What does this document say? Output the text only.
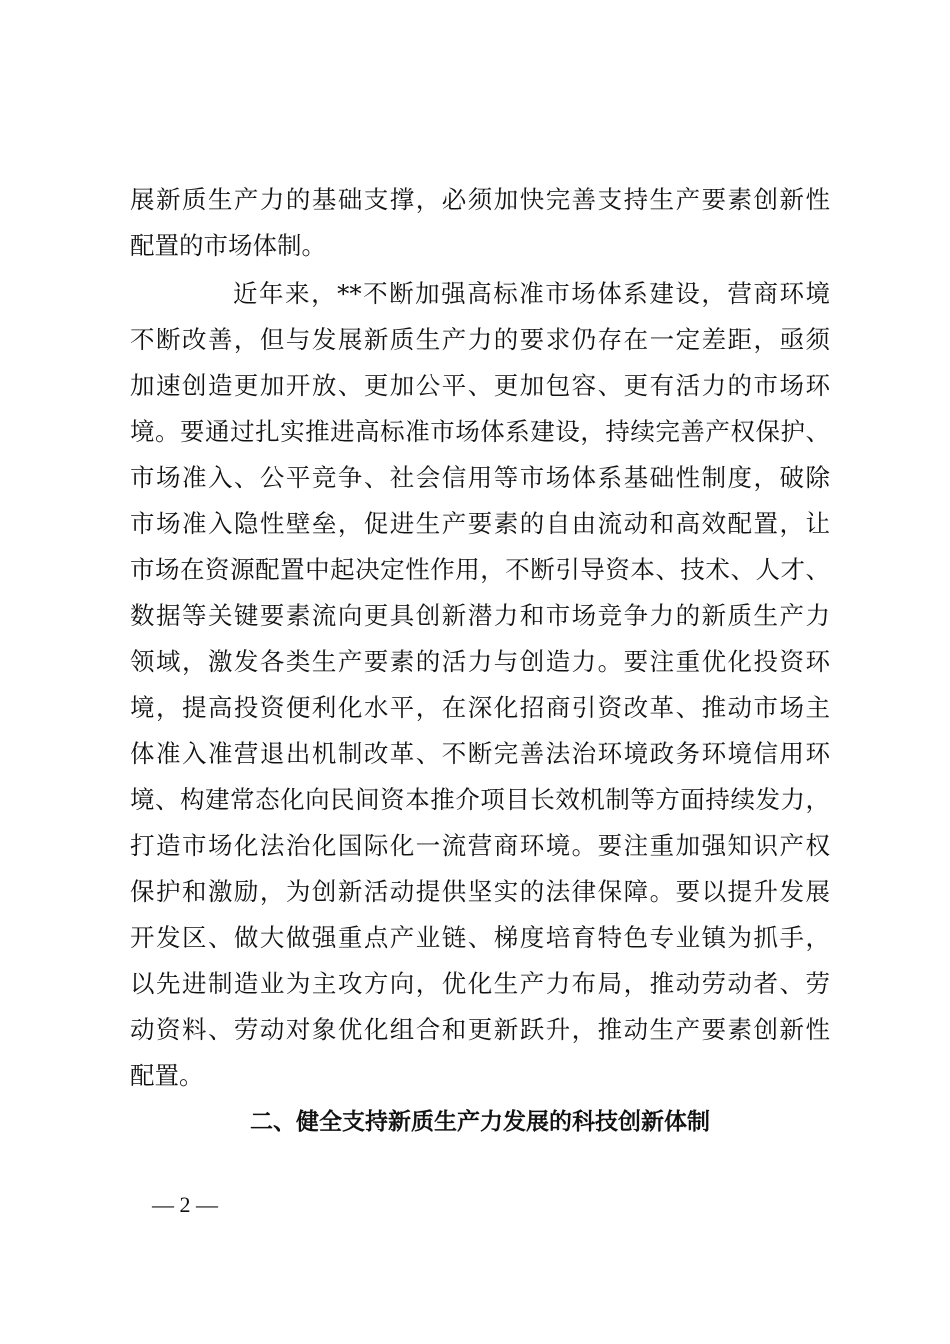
展新质生产力的基础支撑，必须加快完善支持生产要素创新性
配置的市场体制。
近年来，**不断加强高标准市场体系建设，营商环境
不断改善，但与发展新质生产力的要求仍存在一定差距，亟须
加速创造更加开放、更加公平、更加包容、更有活力的市场环
境。要通过扎实推进高标准市场体系建设，持续完善产权保护、
市场准入、公平竞争、社会信用等市场体系基础性制度，破除
市场准入隐性壁垒，促进生产要素的自由流动和高效配置，让
市场在资源配置中起决定性作用，不断引导资本、技术、人才、
数据等关键要素流向更具创新潜力和市场竞争力的新质生产力
领域，激发各类生产要素的活力与创造力。要注重优化投资环
境，提高投资便利化水平，在深化招商引资改革、推动市场主
体准入准营退出机制改革、不断完善法治环境政务环境信用环
境、构建常态化向民间资本推介项目长效机制等方面持续发力，
打造市场化法治化国际化一流营商环境。要注重加强知识产权
保护和激励，为创新活动提供坚实的法律保障。要以提升发展
开发区、做大做强重点产业链、梯度培育特色专业镇为抓手，
以先进制造业为主攻方向，优化生产力布局，推动劳动者、劳
动资料、劳动对象优化组合和更新跃升，推动生产要素创新性
配置。
二、健全支持新质生产力发展的科技创新体制
— 2 —
